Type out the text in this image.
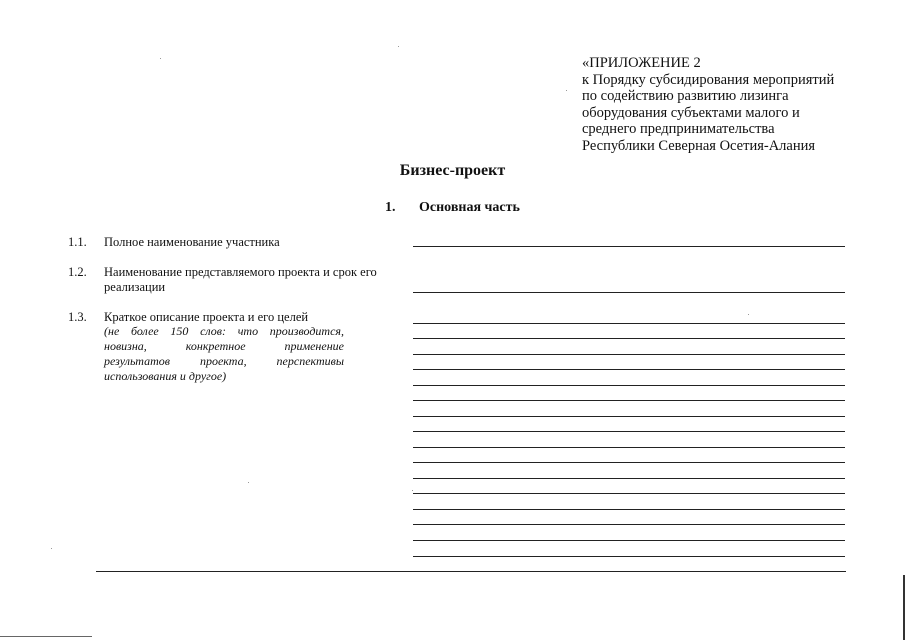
«ПРИЛОЖЕНИЕ 2
к Порядку субсидирования мероприятий
по содействию развитию лизинга
оборудования субъектами малого и
среднего предпринимательства
Республики Северная Осетия-Алания
Бизнес-проект
1. Основная часть
1.1. Полное наименование участника
1.2. Наименование представляемого проекта и срок его реализации
1.3. Краткое описание проекта и его целей
(не более 150 слов: что производится,
новизна, конкретное применение
результатов проекта, перспективы
использования и другое)
